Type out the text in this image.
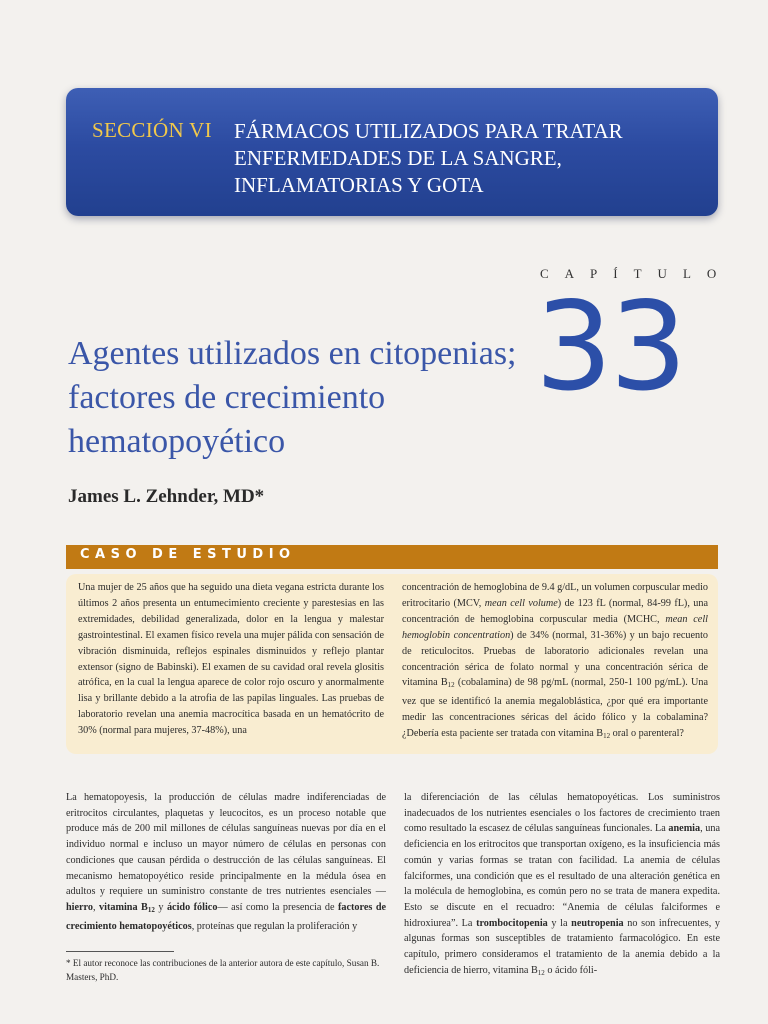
SECCIÓN VI FÁRMACOS UTILIZADOS PARA TRATAR ENFERMEDADES DE LA SANGRE, INFLAMATORIAS Y GOTA
CAPÍTULO
33
Agentes utilizados en citopenias; factores de crecimiento hematopoyético
James L. Zehnder, MD*
CASO DE ESTUDIO

Una mujer de 25 años que ha seguido una dieta vegana estricta durante los últimos 2 años presenta un entumecimiento creciente y parestesias en las extremidades, debilidad generalizada, dolor en la lengua y malestar gastrointestinal. El examen físico revela una mujer pálida con sensación de vibración disminuida, reflejos espinales disminuidos y reflejo plantar extensor (signo de Babinski). El examen de su cavidad oral revela glositis atrófica, en la cual la lengua aparece de color rojo oscuro y anormalmente lisa y brillante debido a la atrofia de las papilas linguales. Las pruebas de laboratorio revelan una anemia macrocítica basada en un hematócrito de 30% (normal para mujeres, 37-48%), una

concentración de hemoglobina de 9.4 g/dL, un volumen corpuscular medio eritrocitario (MCV, mean cell volume) de 123 fL (normal, 84-99 fL), una concentración de hemoglobina corpuscular media (MCHC, mean cell hemoglobin concentration) de 34% (normal, 31-36%) y un bajo recuento de reticulocitos. Pruebas de laboratorio adicionales revelan una concentración sérica de folato normal y una concentración sérica de vitamina $B_{12}$ (cobalamina) de 98 pg/mL (normal, 250-1 100 pg/mL). Una vez que se identificó la anemia megaloblástica, ¿por qué era importante medir las concentraciones séricas del ácido fólico y la cobalamina? ¿Debería esta paciente ser tratada con vitamina $B_{12}$ oral o parenteral?

La hematopoyesis, la producción de células madre indiferenciadas de eritrocitos circulantes, plaquetas y leucocitos, es un proceso notable que produce más de 200 mil millones de células sanguíneas nuevas por día en el individuo normal e incluso un mayor número de células en personas con condiciones que causan pérdida o destrucción de las células sanguíneas. El mecanismo hematopoyético reside principalmente en la médula ósea en adultos y requiere un suministro constante de tres nutrientes esenciales —hierro, vitamina $B_{12}$ y ácido fólico— así como la presencia de factores de crecimiento hematopoyéticos, proteínas que regulan la proliferación y

la diferenciación de las células hematopoyéticas. Los suministros inadecuados de los nutrientes esenciales o los factores de crecimiento traen como resultado la escasez de células sanguíneas funcionales. La anemia, una deficiencia en los eritrocitos que transportan oxígeno, es la insuficiencia más común y varias formas se tratan con facilidad. La anemia de células falciformes, una condición que es el resultado de una alteración genética en la molécula de hemoglobina, es común pero no se trata de manera expedita. Esto se discute en el recuadro: “Anemia de células falciformes e hidroxiurea”. La trombocitopenia y la neutropenia no son infrecuentes, y algunas formas son susceptibles de tratamiento farmacológico. En este capítulo, primero consideramos el tratamiento de la anemia debido a la deficiencia de hierro, vitamina $B_{12}$ o ácido fóli-

* El autor reconoce las contribuciones de la anterior autora de este capítulo, Susan B. Masters, PhD.
